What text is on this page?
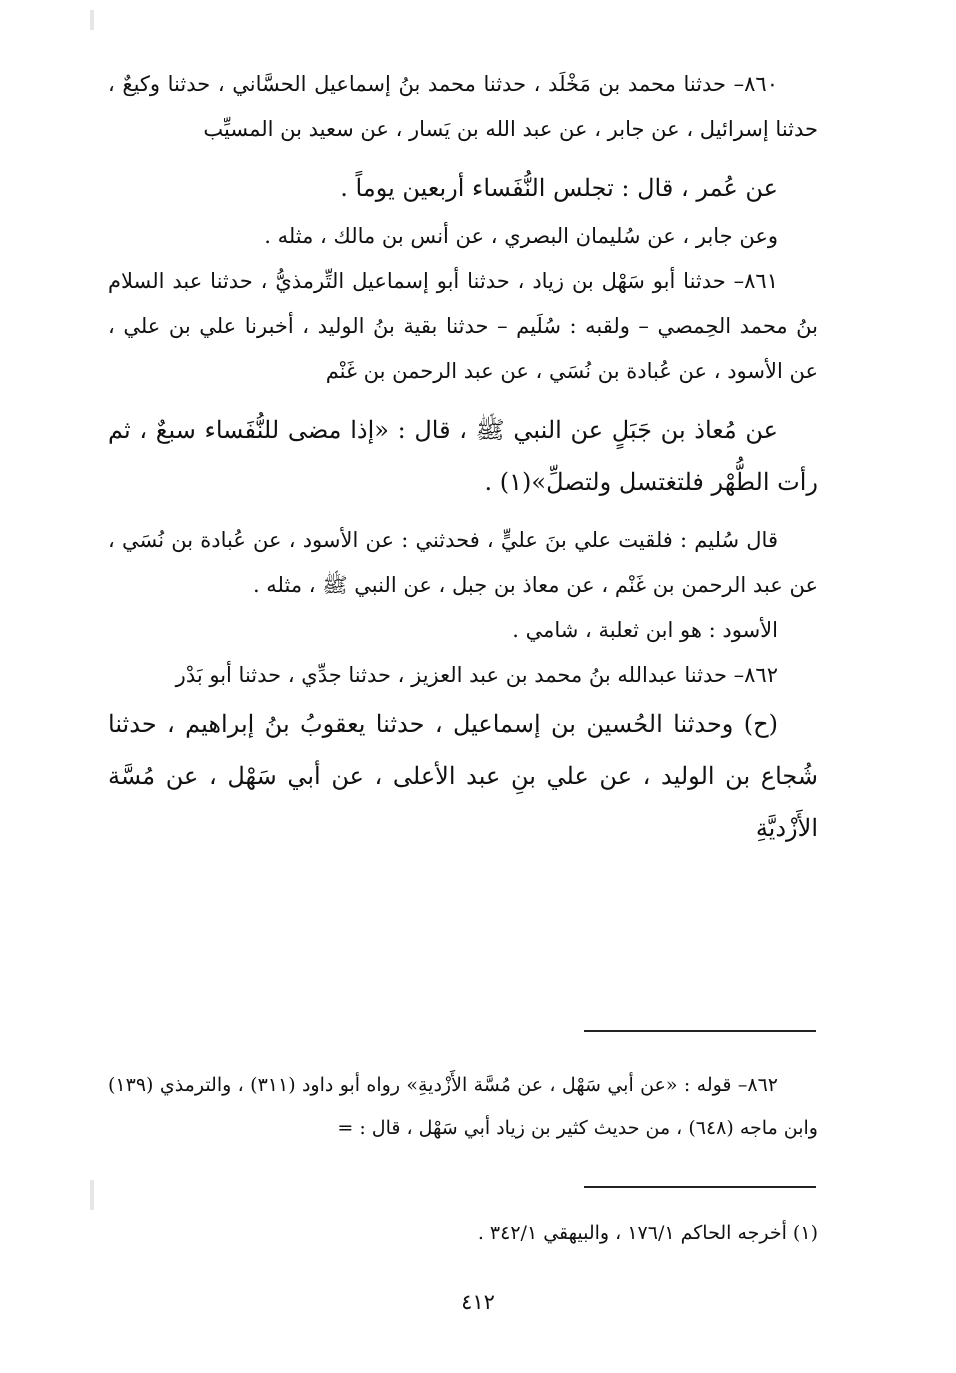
٨٦٠– حدثنا محمد بن مَخْلَد ، حدثنا محمد بنُ إسماعيل الحسَّاني ، حدثنا وكيعٌ ، حدثنا إسرائيل ، عن جابر ، عن عبد الله بن يَسار ، عن سعيد بن المسيِّب

عن عُمر ، قال : تجلس النُّفَساء أربعين يوماً .

وعن جابر ، عن سُليمان البصري ، عن أنس بن مالك ، مثله .

٨٦١– حدثنا أبو سَهْل بن زياد ، حدثنا أبو إسماعيل التِّرمذيُّ ، حدثنا عبد السلام بنُ محمد الحِمصي – ولقبه : سُلَيم – حدثنا بقية بنُ الوليد ، أخبرنا علي بن علي ، عن الأسود ، عن عُبادة بن نُسَي ، عن عبد الرحمن بن غَنْم

عن مُعاذ بن جَبَلٍ عن النبي ﷺ ، قال : «إذا مضى للنُّفَساء سبعٌ ، ثم رأت الطُّهْر فلتغتسل ولتصلِّ»(١) .

قال سُليم : فلقيت علي بنَ عليٍّ ، فحدثني : عن الأسود ، عن عُبادة بن نُسَي ، عن عبد الرحمن بن غَنْم ، عن معاذ بن جبل ، عن النبي ﷺ ، مثله .

الأسود : هو ابن ثعلبة ، شامي .

٨٦٢– حدثنا عبدالله بنُ محمد بن عبد العزيز ، حدثنا جدِّي ، حدثنا أبو بَدْر

(ح) وحدثنا الحُسين بن إسماعيل ، حدثنا يعقوبُ بنُ إبراهيم ، حدثنا شُجاع بن الوليد ، عن علي بنِ عبد الأعلى ، عن أبي سَهْل ، عن مُسَّة الأَزْديَّةِ

٨٦٢– قوله : «عن أبي سَهْل ، عن مُسَّة الأَزْديةِ» رواه أبو داود (٣١١) ، والترمذي (١٣٩) وابن ماجه (٦٤٨) ، من حديث كثير بن زياد أبي سَهْل ، قال : =

(١) أخرجه الحاكم ١٧٦/١ ، والبيهقي ٣٤٢/١ .

٤١٢
